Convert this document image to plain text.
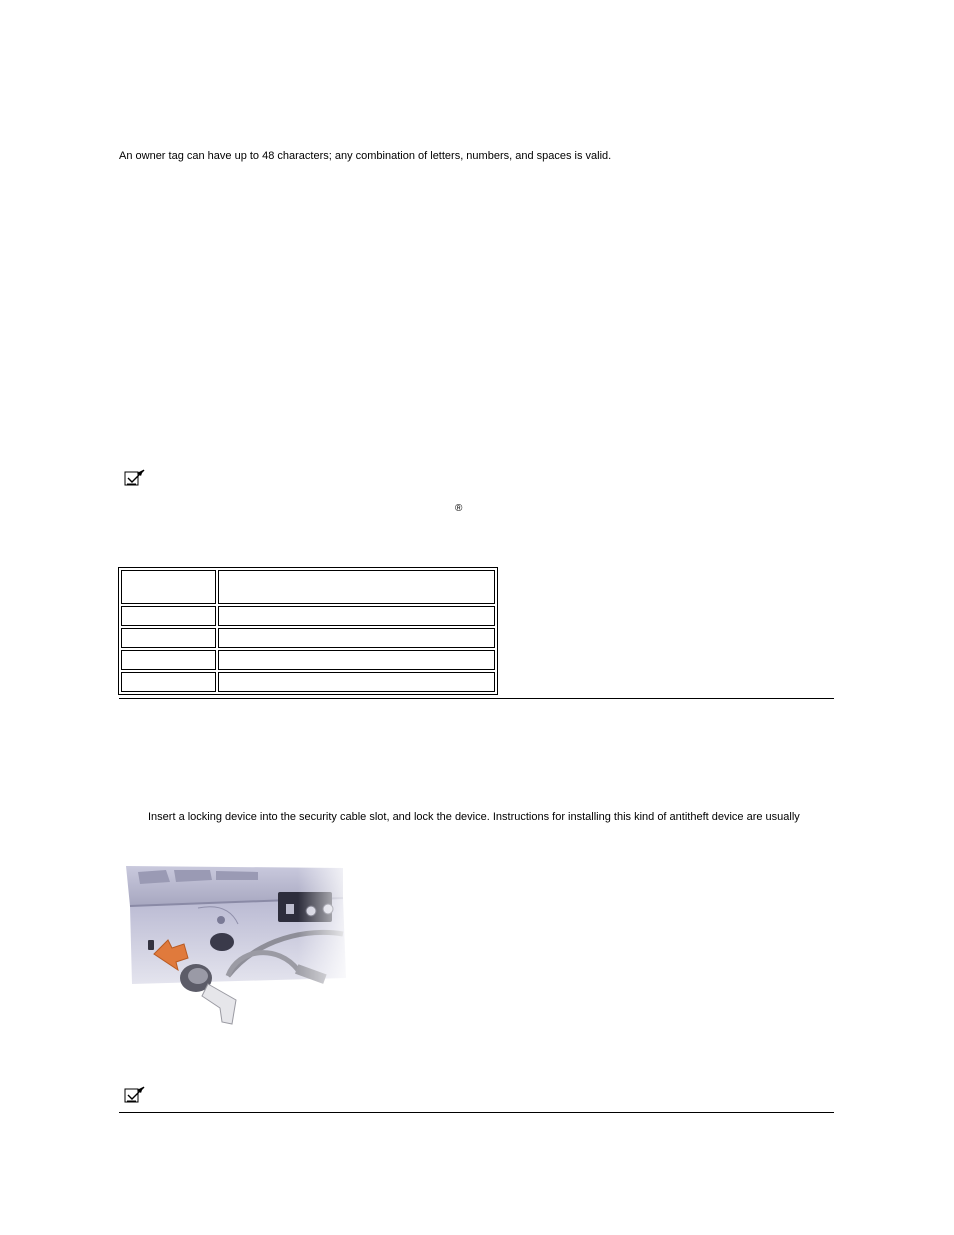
An owner tag can have up to 48 characters; any combination of letters, numbers, and spaces is valid.
®

Insert a locking device into the security cable slot, and lock the device. Instructions for installing this kind of antitheft device are usually
